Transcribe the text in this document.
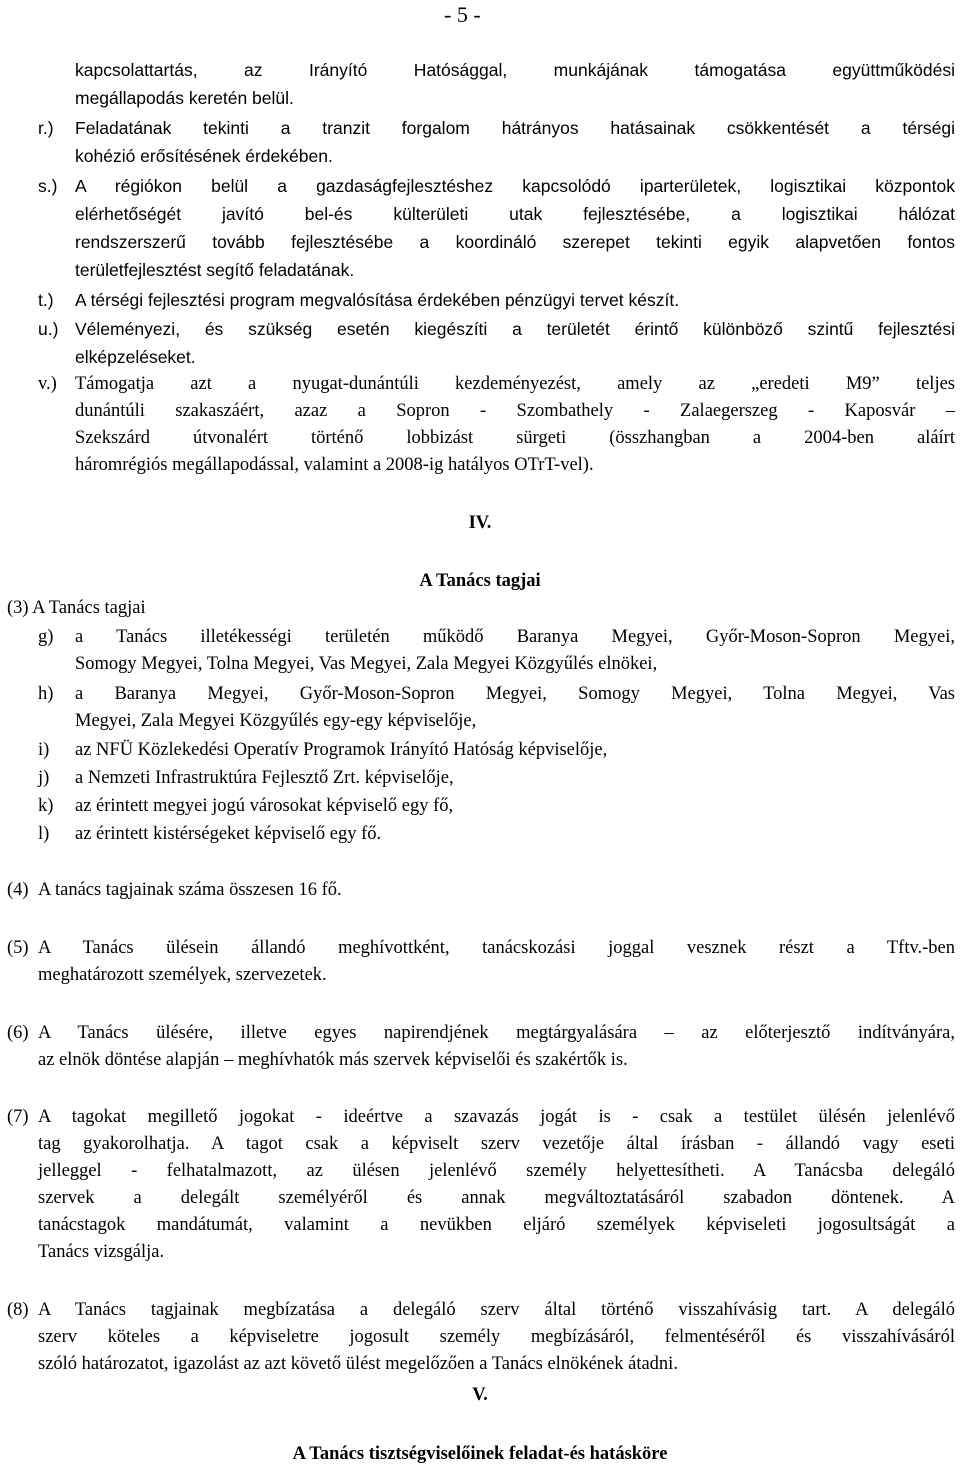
- 5 -
kapcsolattartás, az Irányító Hatósággal, munkájának támogatása együttműködési
megállapodás keretén belül.
r.) Feladatának tekinti a tranzit forgalom hátrányos hatásainak csökkentését a térségi
kohézió erősítésének érdekében.
s.) A régiókon belül a gazdaságfejlesztéshez kapcsolódó iparterületek, logisztikai központok
elérhetőségét javító bel-és külterületi utak fejlesztésébe, a logisztikai hálózat
rendszerszerű tovább fejlesztésébe a koordináló szerepet tekinti egyik alapvetően fontos
területfejlesztést segítő feladatának.
t.) A térségi fejlesztési program megvalósítása érdekében pénzügyi tervet készít.
u.) Véleményezi, és szükség esetén kiegészíti a területét érintő különböző szintű fejlesztési
elképzeléseket.
v.) Támogatja azt a nyugat-dunántúli kezdeményezést, amely az „eredeti M9” teljes
dunántúli szakaszáért, azaz a Sopron - Szombathely - Zalaegerszeg - Kaposvár –
Szekszárd útvonalért történő lobbizást sürgeti (összhangban a 2004-ben aláírt
háromrégiós megállapodással, valamint a 2008-ig hatályos OTrT-vel).
IV.
A Tanács tagjai
(3) A Tanács tagjai
g) a Tanács illetékességi területén működő Baranya Megyei, Győr-Moson-Sopron Megyei,
Somogy Megyei, Tolna Megyei, Vas Megyei, Zala Megyei Közgyűlés elnökei,
h) a Baranya Megyei, Győr-Moson-Sopron Megyei, Somogy Megyei, Tolna Megyei, Vas
Megyei, Zala Megyei Közgyűlés egy-egy képviselője,
i) az NFÜ Közlekedési Operatív Programok Irányító Hatóság képviselője,
j) a Nemzeti Infrastruktúra Fejlesztő Zrt. képviselője,
k) az érintett megyei jogú városokat képviselő egy fő,
l) az érintett kistérségeket képviselő egy fő.
(4) A tanács tagjainak száma összesen 16 fő.
(5) A Tanács ülésein állandó meghívottként, tanácskozási joggal vesznek részt a Tftv.-ben
meghatározott személyek, szervezetek.
(6) A Tanács ülésére, illetve egyes napirendjének megtárgyalására – az előterjesztő indítványára,
az elnök döntése alapján – meghívhatók más szervek képviselői és szakértők is.
(7) A tagokat megillető jogokat - ideértve a szavazás jogát is - csak a testület ülésén jelenlévő
tag gyakorolhatja. A tagot csak a képviselt szerv vezetője által írásban - állandó vagy eseti
jelleggel - felhatalmazott, az ülésen jelenlévő személy helyettesítheti. A Tanácsba delegáló
szervek a delegált személyéről és annak megváltoztatásáról szabadon döntenek. A
tanácstagok mandátumát, valamint a nevükben eljáró személyek képviseleti jogosultságát a
Tanács vizsgálja.
(8) A Tanács tagjainak megbízatása a delegáló szerv által történő visszahívásig tart. A delegáló
szerv köteles a képviseletre jogosult személy megbízásáról, felmentéséről és visszahívásáról
szóló határozatot, igazolást az azt követő ülést megelőzően a Tanács elnökének átadni.
V.
A Tanács tisztségviselőinek feladat-és hatásköre
